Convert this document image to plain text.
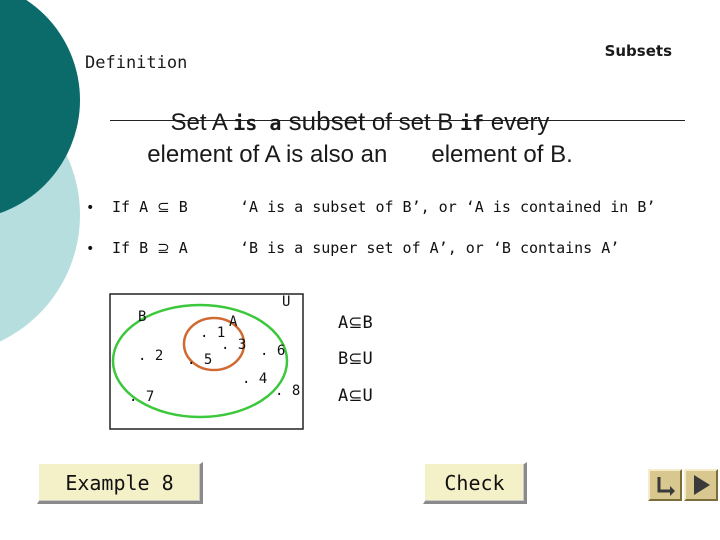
Definition
Subsets
Set A is a subset of set B if every
element of A is also an element of B.
• If A ⊆ B	‘A is a subset of B’, or ‘A is contained in B’
• If B ⊇ A	‘B is a super set of A’, or ‘B contains A’
U
B	A
. 1
. 3
. 5
. 2
. 7
. 6
. 4
. 8
A⊆B
B⊆U
A⊆U
Example 8	Check
